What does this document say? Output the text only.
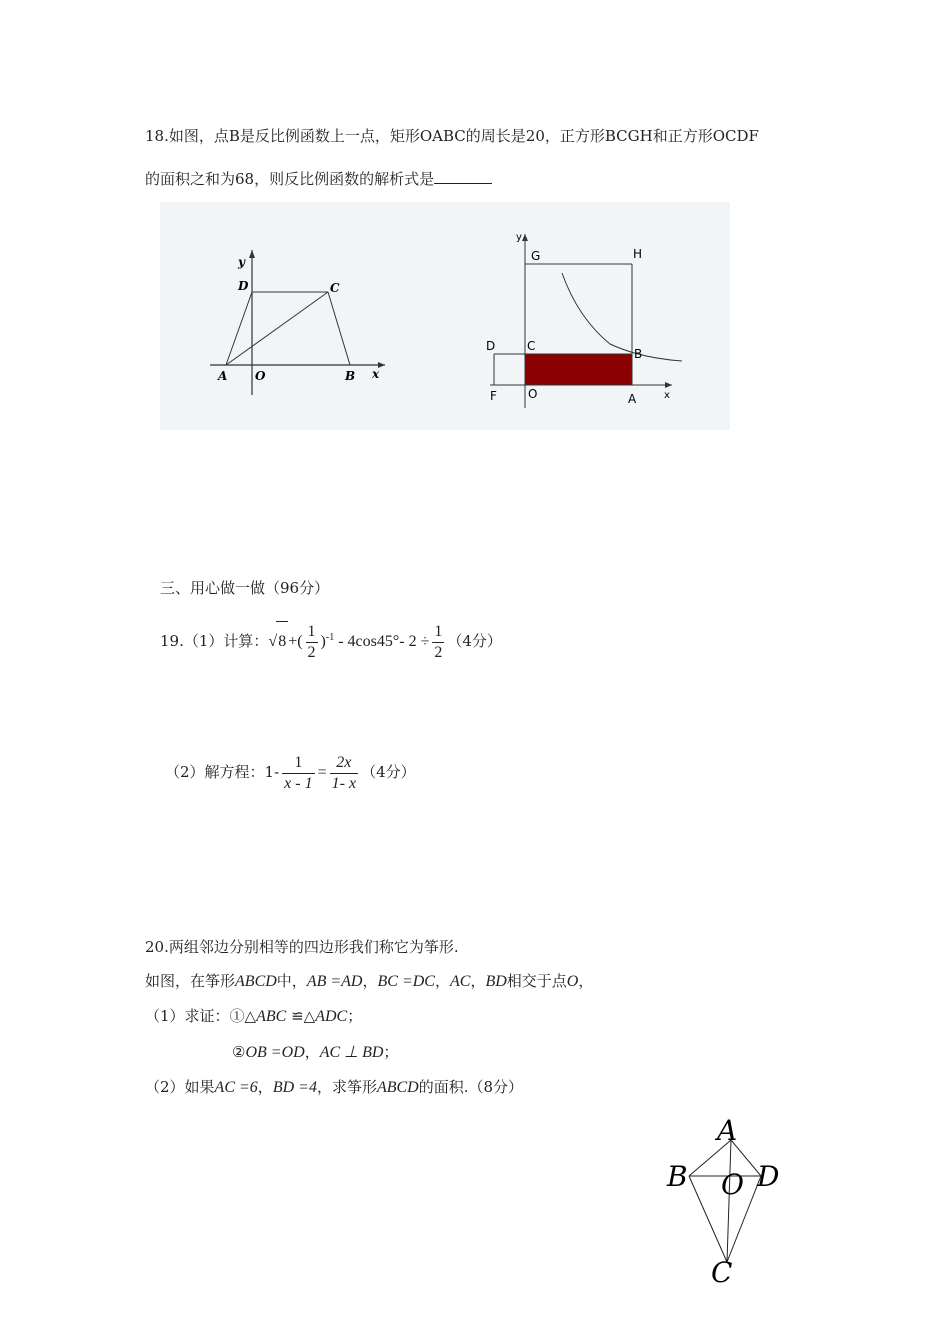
18.如图，点B是反比例函数上一点，矩形OABC的周长是20，正方形BCGH和正方形OCDF
的面积之和为68，则反比例函数的解析式是
y
D	C
A O	B x
y
G	H
D	C
B
F	O	A	x
三、用心做一做（96分）
19.（1）计算：√8 +( $\frac{1}{2} )^{-1} - 4\cos 45^\circ-$ $2 \div \frac{1}{2} (4$分）
（2）解方程：$1- \frac{1}{x - 1} = \frac{2x}{1- x} (4$分）
20.两组邻边分别相等的四边形我们称它为筝形.
如图，在筝形ABCD中，AB =AD，BC =DC，AC，BD相交于点O，
（1）求证：①△ABC ≌△ADC；
②OB =OD，AC ⊥ BD；
（2）如果AC =6，BD =4，求筝形ABCD的面积.（8分）
A
B O D
C
